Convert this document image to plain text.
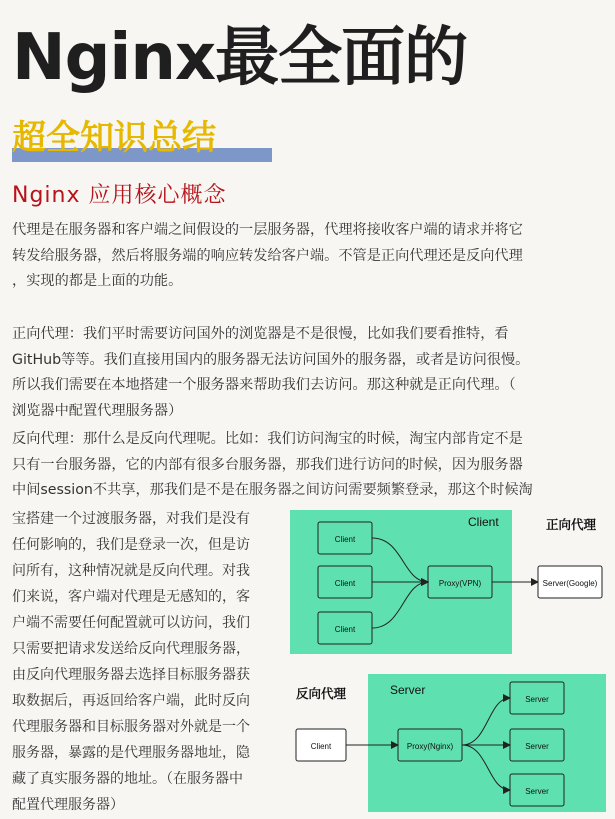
Nginx最全面的
超全知识总结
Nginx 应用核心概念
代理是在服务器和客户端之间假设的一层服务器，代理将接收客户端的请求并将它
转发给服务器，然后将服务端的响应转发给客户端。不管是正向代理还是反向代理
，实现的都是上面的功能。
正向代理：我们平时需要访问国外的浏览器是不是很慢，比如我们要看推特，看
GitHub等等。我们直接用国内的服务器无法访问国外的服务器，或者是访问很慢。
所以我们需要在本地搭建一个服务器来帮助我们去访问。那这种就是正向代理。（
浏览器中配置代理服务器）
反向代理：那什么是反向代理呢。比如：我们访问淘宝的时候，淘宝内部肯定不是
只有一台服务器，它的内部有很多台服务器，那我们进行访问的时候，因为服务器
中间session不共享，那我们是不是在服务器之间访问需要频繁登录，那这个时候淘
宝搭建一个过渡服务器，对我们是没有
任何影响的，我们是登录一次，但是访
问所有，这种情况就是反向代理。对我
们来说，客户端对代理是无感知的，客
户端不需要任何配置就可以访问，我们
只需要把请求发送给反向代理服务器，
由反向代理服务器去选择目标服务器获
取数据后，再返回给客户端，此时反向
代理服务器和目标服务器对外就是一个
服务器，暴露的是代理服务器地址，隐
藏了真实服务器的地址。（在服务器中
配置代理服务器）
Client
Client
Client
Client
Proxy(VPN)	Server(Google)
正向代理
Server
Client	Proxy(Nginx)
Server
Server
Server
反向代理
